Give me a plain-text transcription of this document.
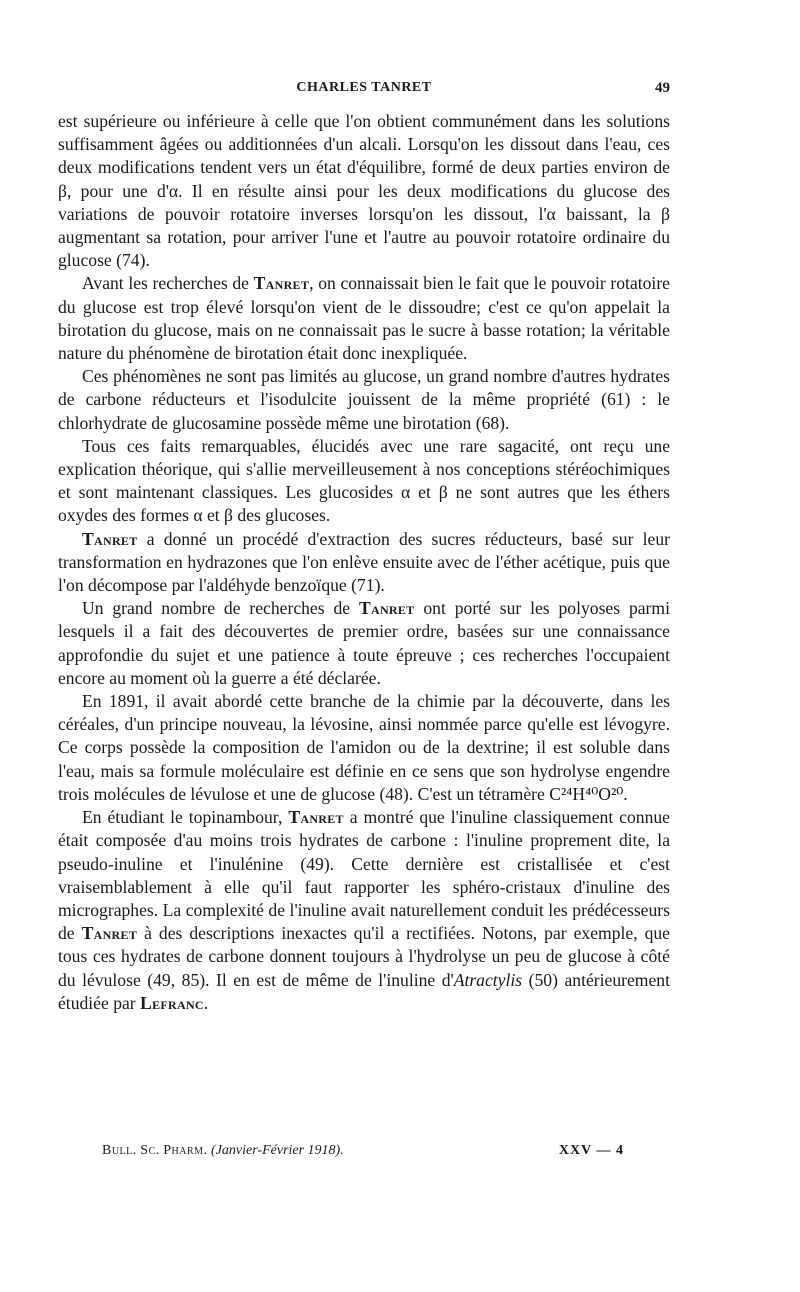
CHARLES TANRET	49

est supérieure ou inférieure à celle que l'on obtient communément dans les solutions suffisamment âgées ou additionnées d'un alcali. Lorsqu'on les dissout dans l'eau, ces deux modifications tendent vers un état d'équilibre, formé de deux parties environ de β, pour une d'α. Il en résulte ainsi pour les deux modifications du glucose des variations de pouvoir rotatoire inverses lorsqu'on les dissout, l'α baissant, la β augmentant sa rotation, pour arriver l'une et l'autre au pouvoir rotatoire ordinaire du glucose (74).

Avant les recherches de Tanret, on connaissait bien le fait que le pouvoir rotatoire du glucose est trop élevé lorsqu'on vient de le dissoudre; c'est ce qu'on appelait la birotation du glucose, mais on ne connaissait pas le sucre à basse rotation; la véritable nature du phénomène de birotation était donc inexpliquée.

Ces phénomènes ne sont pas limités au glucose, un grand nombre d'autres hydrates de carbone réducteurs et l'isodulcite jouissent de la même propriété (61) : le chlorhydrate de glucosamine possède même une birotation (68).

Tous ces faits remarquables, élucidés avec une rare sagacité, ont reçu une explication théorique, qui s'allie merveilleusement à nos conceptions stéréochimiques et sont maintenant classiques. Les glucosides α et β ne sont autres que les éthers oxydes des formes α et β des glucoses.

Tanret a donné un procédé d'extraction des sucres réducteurs, basé sur leur transformation en hydrazones que l'on enlève ensuite avec de l'éther acétique, puis que l'on décompose par l'aldéhyde benzoïque (71).

Un grand nombre de recherches de Tanret ont porté sur les polyoses parmi lesquels il a fait des découvertes de premier ordre, basées sur une connaissance approfondie du sujet et une patience à toute épreuve ; ces recherches l'occupaient encore au moment où la guerre a été déclarée.

En 1891, il avait abordé cette branche de la chimie par la découverte, dans les céréales, d'un principe nouveau, la lévosine, ainsi nommée parce qu'elle est lévogyre. Ce corps possède la composition de l'amidon ou de la dextrine; il est soluble dans l'eau, mais sa formule moléculaire est définie en ce sens que son hydrolyse engendre trois molécules de lévulose et une de glucose (48). C'est un tétramère C²⁴H⁴⁰O²⁰.

En étudiant le topinambour, Tanret a montré que l'inuline classiquement connue était composée d'au moins trois hydrates de carbone : l'inuline proprement dite, la pseudo-inuline et l'inulénine (49). Cette dernière est cristallisée et c'est vraisemblablement à elle qu'il faut rapporter les sphéro-cristaux d'inuline des micrographes. La complexité de l'inuline avait naturellement conduit les prédécesseurs de Tanret à des descriptions inexactes qu'il a rectifiées. Notons, par exemple, que tous ces hydrates de carbone donnent toujours à l'hydrolyse un peu de glucose à côté du lévulose (49, 85). Il en est de même de l'inuline d'Atractylis (50) antérieurement étudiée par Lefranc.

Bull. Sc. Pharm. (Janvier-Février 1918).	XXV — 4
